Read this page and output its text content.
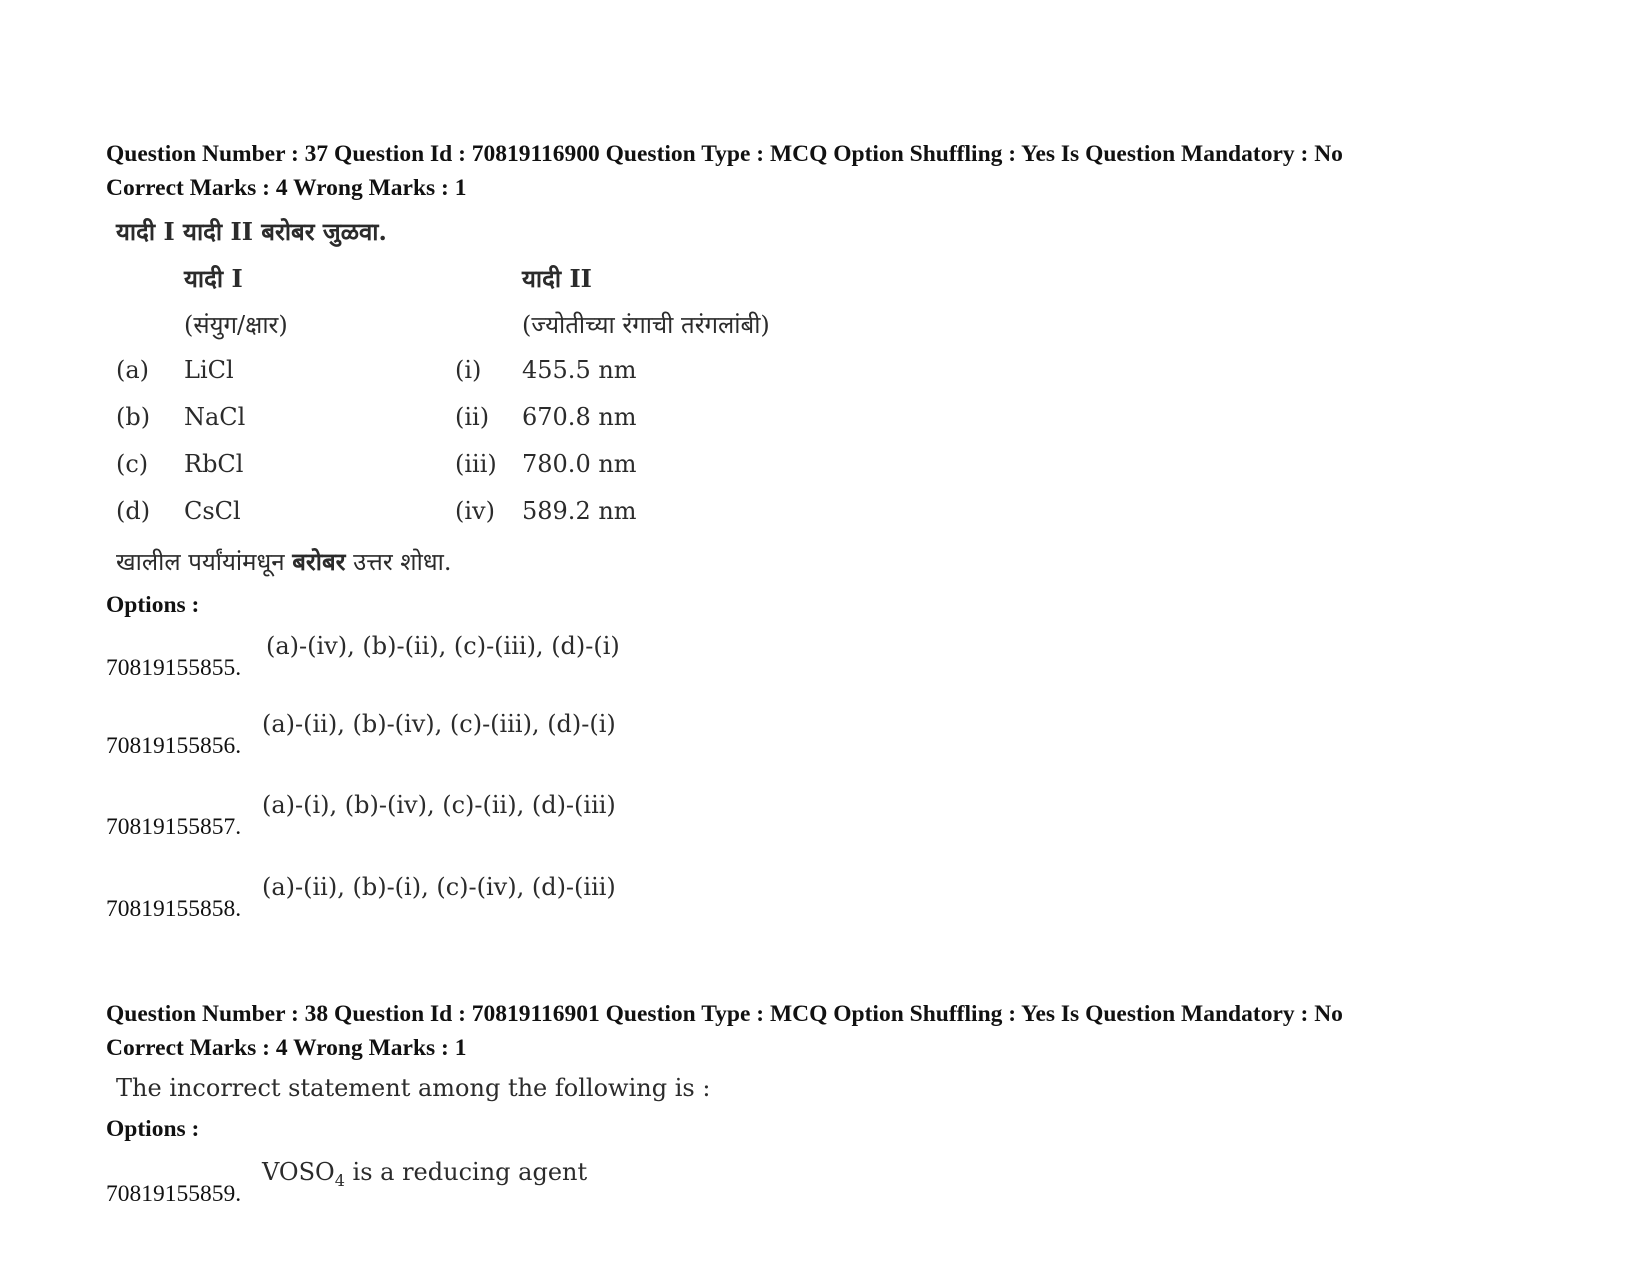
Question Number : 37 Question Id : 70819116900 Question Type : MCQ Option Shuffling : Yes Is Question Mandatory : No
Correct Marks : 4 Wrong Marks : 1
यादी I यादी II बरोबर जुळवा.
यादी I	यादी II
(संयुग/क्षार)	(ज्योतीच्या रंगाची तरंगलांबी)
(a) LiCl	(i) 455.5 nm
(b) NaCl	(ii) 670.8 nm
(c) RbCl	(iii) 780.0 nm
(d) CsCl	(iv) 589.2 nm
खालील पर्यांयांमधून बरोबर उत्तर शोधा.
Options :
70819155855.
(a)-(iv), (b)-(ii), (c)-(iii), (d)-(i)
70819155856.
(a)-(ii), (b)-(iv), (c)-(iii), (d)-(i)
70819155857.
(a)-(i), (b)-(iv), (c)-(ii), (d)-(iii)
70819155858.
(a)-(ii), (b)-(i), (c)-(iv), (d)-(iii)
Question Number : 38 Question Id : 70819116901 Question Type : MCQ Option Shuffling : Yes Is Question Mandatory : No
Correct Marks : 4 Wrong Marks : 1
The incorrect statement among the following is :
Options :
70819155859.
$VOSO_4$ is a reducing agent
